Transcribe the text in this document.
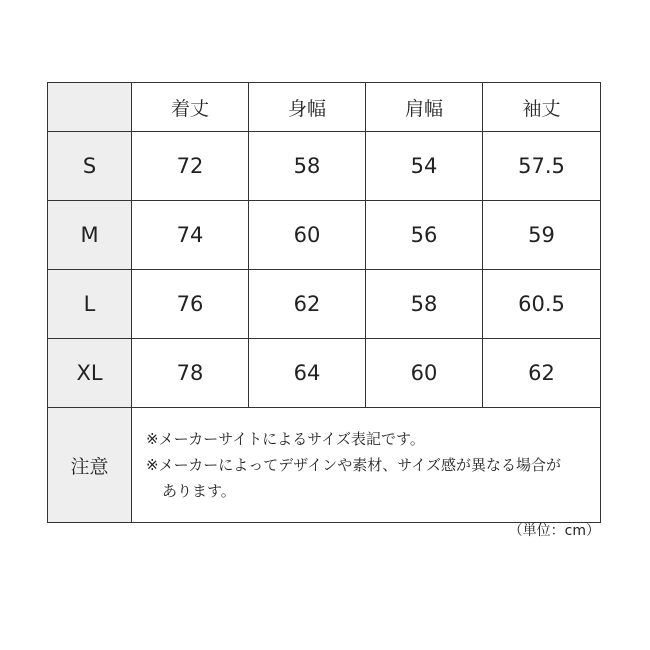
	着丈	身幅	肩幅	袖丈
S	72	58	54	57.5
M	74	60	56	59
L	76	62	58	60.5
XL	78	64	60	62
注意	※メーカーサイトによるサイズ表記です。
※メーカーによってデザインや素材、サイズ感が異なる場合が
あります。			
（単位：cm）
